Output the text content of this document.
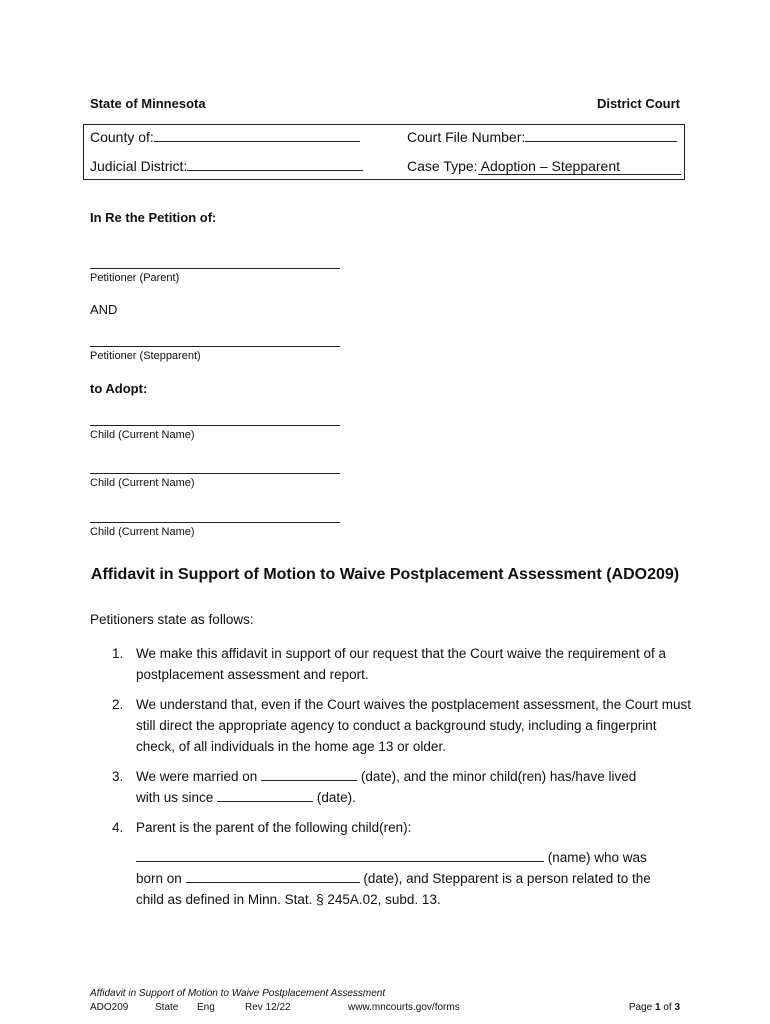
State of Minnesota	District Court
County of:	Court File Number:
Judicial District:	Case Type: Adoption – Stepparent
In Re the Petition of:
Petitioner (Parent)
AND
Petitioner (Stepparent)
to Adopt:
Child (Current Name)
Child (Current Name)
Child (Current Name)
Affidavit in Support of Motion to Waive Postplacement Assessment (ADO209)
Petitioners state as follows:
1. We make this affidavit in support of our request that the Court waive the requirement of a postplacement assessment and report.
2. We understand that, even if the Court waives the postplacement assessment, the Court must still direct the appropriate agency to conduct a background study, including a fingerprint check, of all individuals in the home age 13 or older.
3. We were married on	(date), and the minor child(ren) has/have lived
with us since	(date).
4. Parent is the parent of the following child(ren):
(name) who was
born on	(date), and Stepparent is a person related to the
child as defined in Minn. Stat. § 245A.02, subd. 13.
Affidavit in Support of Motion to Waive Postplacement Assessment
ADO209	State Eng	Rev 12/22	www.mncourts.gov/forms	Page 1 of 3
